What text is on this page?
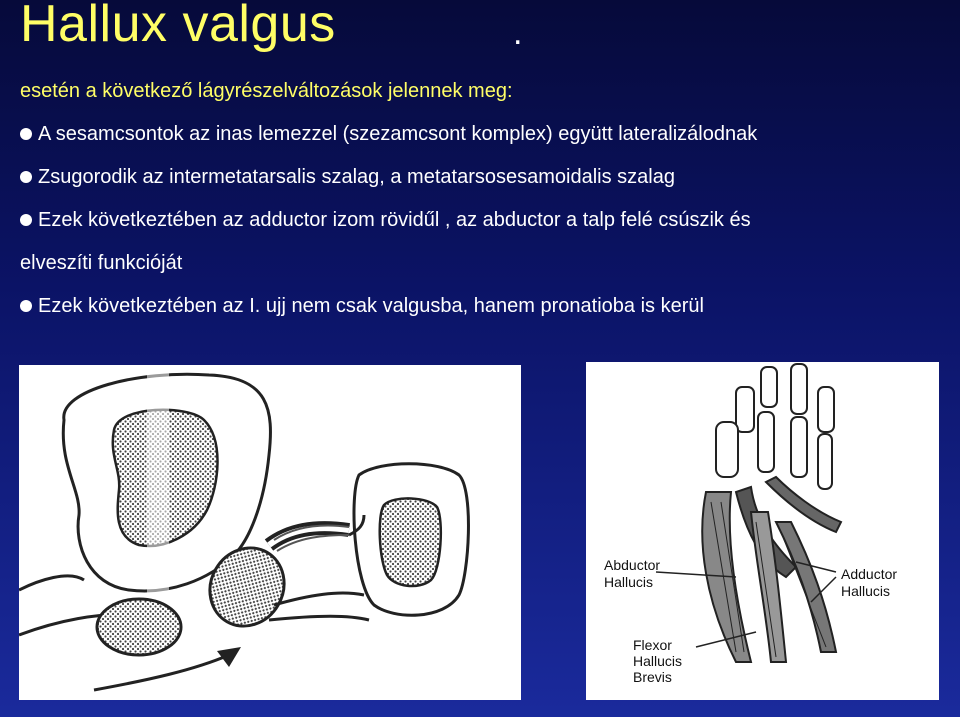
Hallux valgus	.
esetén a következő lágyrészelváltozások jelennek meg:
A sesamcsontok az inas lemezzel (szezamcsont komplex) együtt lateralizálodnak
Zsugorodik az intermetatarsalis szalag, a metatarsosesamoidalis szalag
Ezek következtében az adductor izom rövidűl , az abductor a talp felé csúszik és
elveszíti funkcióját
Ezek következtében az I. ujj nem csak valgusba, hanem pronatioba is kerül
Abductor
Hallucis	Adductor
Hallucis
Flexor
Hallucis
Brevis
